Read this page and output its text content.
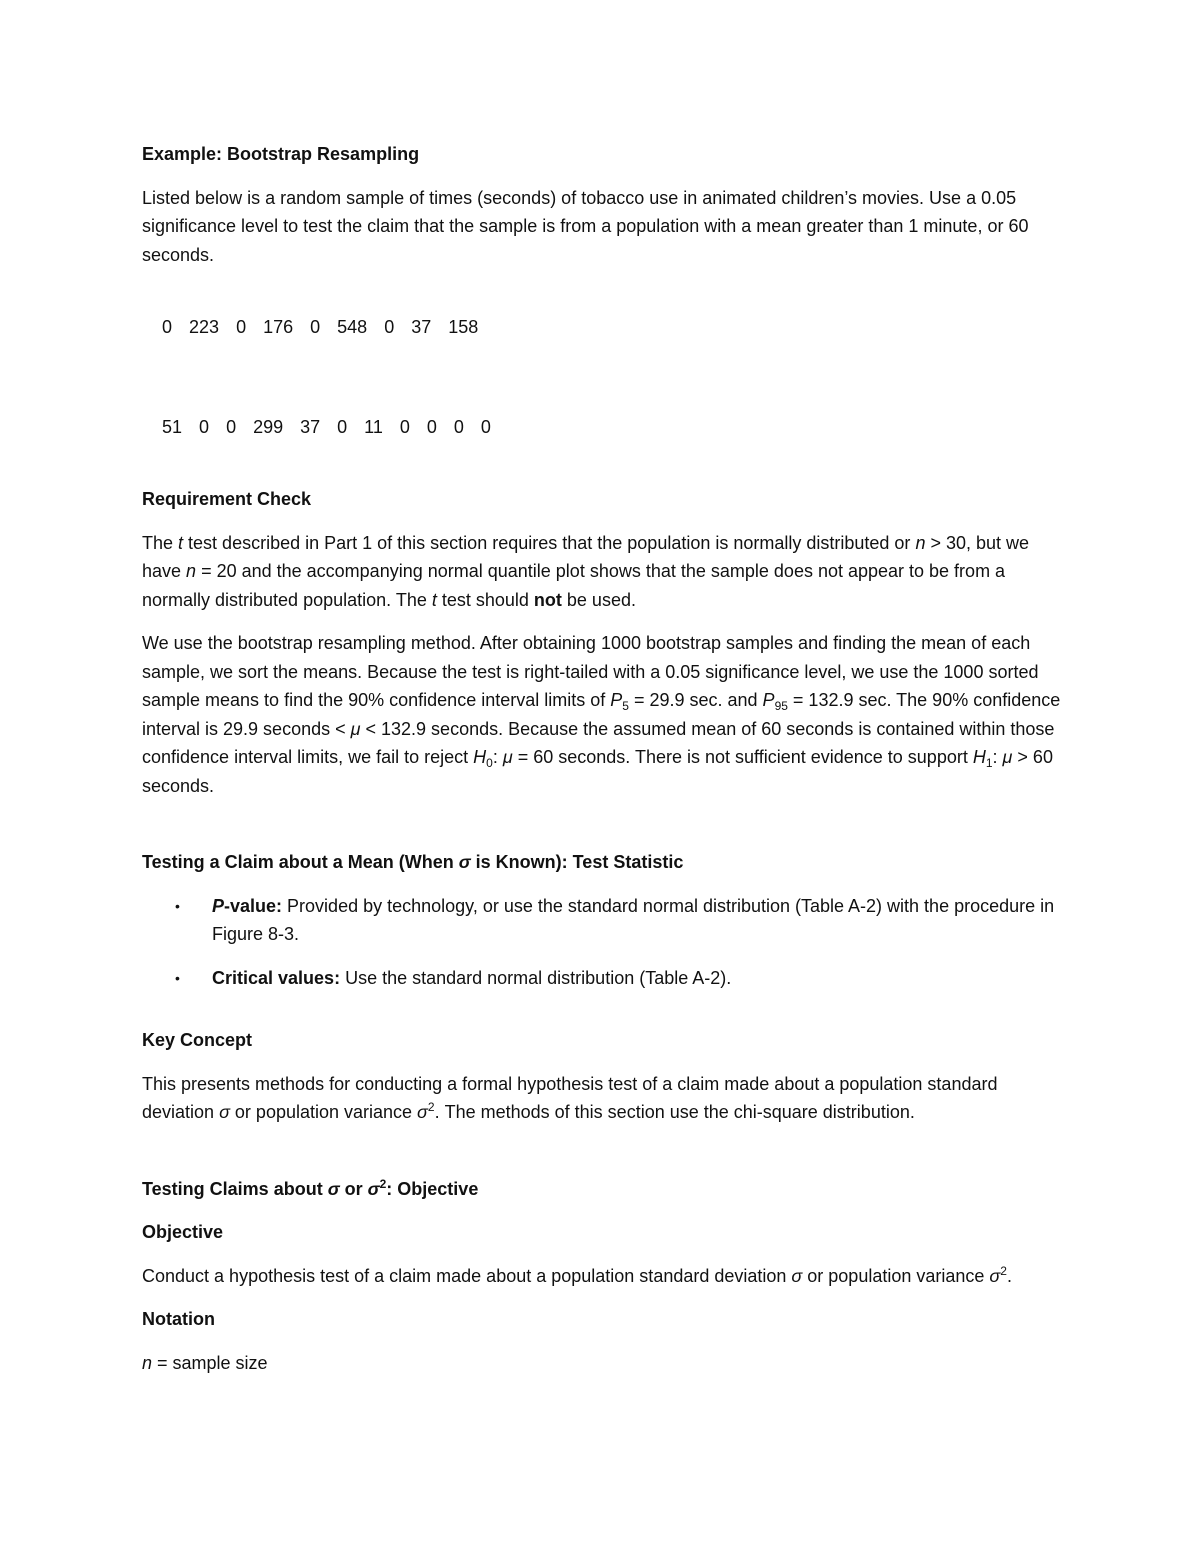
Example: Bootstrap Resampling
Listed below is a random sample of times (seconds) of tobacco use in animated children’s movies. Use a 0.05 significance level to test the claim that the sample is from a population with a mean greater than 1 minute, or 60 seconds.

0 223 0 176 0 548 0 37 158

51 0 0 299 37 0 11 0 0 0 0

Requirement Check
The t test described in Part 1 of this section requires that the population is normally distributed or n > 30, but we have n = 20 and the accompanying normal quantile plot shows that the sample does not appear to be from a normally distributed population. The t test should not be used.
We use the bootstrap resampling method. After obtaining 1000 bootstrap samples and finding the mean of each sample, we sort the means. Because the test is right-tailed with a 0.05 significance level, we use the 1000 sorted sample means to find the 90% confidence interval limits of $P_5 = 29.9$ sec. and $P_{95} = 132.9$ sec. The 90% confidence interval is 29.9 seconds < μ < 132.9 seconds. Because the assumed mean of 60 seconds is contained within those confidence interval limits, we fail to reject $H_0$: μ = 60 seconds. There is not sufficient evidence to support $H_1$: μ > 60 seconds.
Testing a Claim about a Mean (When σ is Known): Test Statistic
• P-value: Provided by technology, or use the standard normal distribution (Table A-2) with the procedure in Figure 8-3.
• Critical values: Use the standard normal distribution (Table A-2).
Key Concept
This presents methods for conducting a formal hypothesis test of a claim made about a population standard deviation σ or population variance $\sigma^2$. The methods of this section use the chi-square distribution.
Testing Claims about σ or $\sigma^2$: Objective
Objective
Conduct a hypothesis test of a claim made about a population standard deviation σ or population variance $\sigma^2$.
Notation
n = sample size
